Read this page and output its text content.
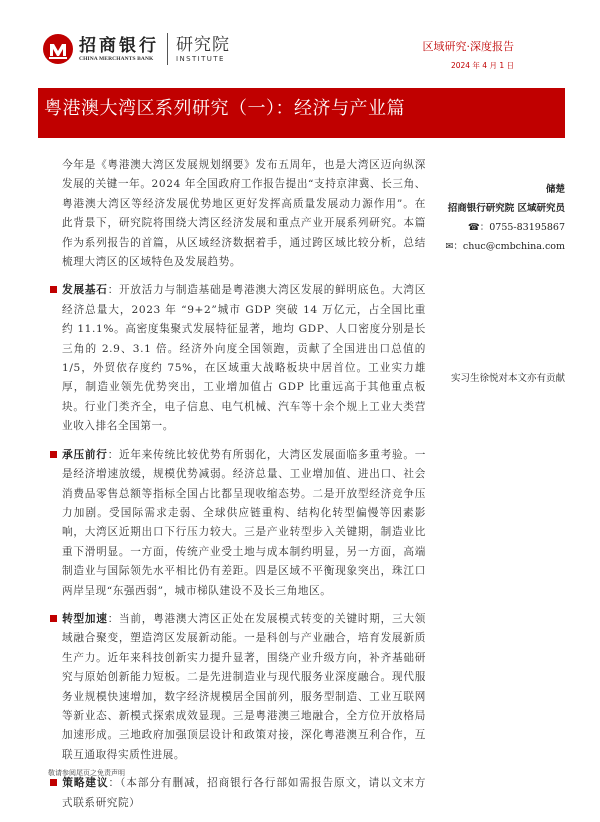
招商银行
CHINA MERCHANTS BANK
研究院
INSTITUTE
区域研究·深度报告
2024 年 4 月 1 日
粤港澳大湾区系列研究（一）：经济与产业篇

今年是《粤港澳大湾区发展规划纲要》发布五周年，也是大湾区迈向纵深发展的关键一年。2024 年全国政府工作报告提出“支持京津冀、长三角、粤港澳大湾区等经济发展优势地区更好发挥高质量发展动力源作用”。在此背景下，研究院将围绕大湾区经济发展和重点产业开展系列研究。本篇作为系列报告的首篇，从区域经济数据着手，通过跨区域比较分析，总结梳理大湾区的区域特色及发展趋势。

发展基石：开放活力与制造基础是粤港澳大湾区发展的鲜明底色。大湾区经济总量大，2023 年 “9+2”城市 GDP 突破 14 万亿元，占全国比重约 11.1%。高密度集聚式发展特征显著，地均 GDP、人口密度分别是长三角的 2.9、3.1 倍。经济外向度全国领跑，贡献了全国进出口总值的 1/5，外贸依存度约 75%，在区域重大战略板块中居首位。工业实力雄厚，制造业领先优势突出，工业增加值占 GDP 比重远高于其他重点板块。行业门类齐全，电子信息、电气机械、汽车等十余个规上工业大类营业收入排名全国第一。

承压前行：近年来传统比较优势有所弱化，大湾区发展面临多重考验。一是经济增速放缓，规模优势减弱。经济总量、工业增加值、进出口、社会消费品零售总额等指标全国占比都呈现收缩态势。二是开放型经济竞争压力加剧。受国际需求走弱、全球供应链重构、结构化转型偏慢等因素影响，大湾区近期出口下行压力较大。三是产业转型步入关键期，制造业比重下滑明显。一方面，传统产业受土地与成本制约明显，另一方面，高端制造业与国际领先水平相比仍有差距。四是区域不平衡现象突出，珠江口两岸呈现“东强西弱”，城市梯队建设不及长三角地区。

转型加速：当前，粤港澳大湾区正处在发展模式转变的关键时期，三大领域融合聚变，塑造湾区发展新动能。一是科创与产业融合，培育发展新质生产力。近年来科技创新实力提升显著，围绕产业升级方向，补齐基础研究与原始创新能力短板。二是先进制造业与现代服务业深度融合。现代服务业规模快速增加，数字经济规模居全国前列，服务型制造、工业互联网等新业态、新模式探索成效显现。三是粤港澳三地融合，全方位开放格局加速形成。三地政府加强顶层设计和政策对接，深化粤港澳互利合作，互联互通取得实质性进展。

策略建议：（本部分有删减，招商银行各行部如需报告原文，请以文末方式联系研究院）

储楚
招商银行研究院 区域研究员
☎：0755-83195867
✉：chuc@cmbchina.com
实习生徐悦对本文亦有贡献
敬请参阅尾页之免责声明
